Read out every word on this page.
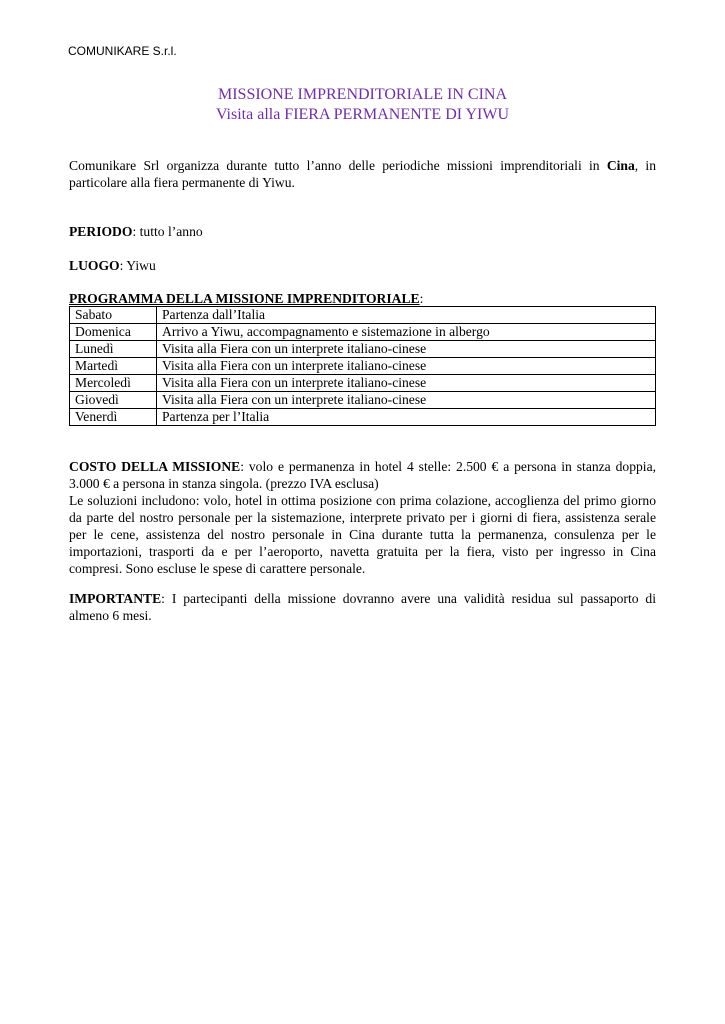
COMUNIKARE S.r.l.
MISSIONE IMPRENDITORIALE IN CINA
Visita alla FIERA PERMANENTE DI YIWU

Comunikare Srl organizza durante tutto l’anno delle periodiche missioni imprenditoriali in Cina, in particolare alla fiera permanente di Yiwu.

PERIODO: tutto l’anno

LUOGO: Yiwu

PROGRAMMA DELLA MISSIONE IMPRENDITORIALE:

Sabato	Partenza dall’Italia
Domenica	Arrivo a Yiwu, accompagnamento e sistemazione in albergo
Lunedì	Visita alla Fiera con un interprete italiano-cinese
Martedì	Visita alla Fiera con un interprete italiano-cinese
Mercoledì	Visita alla Fiera con un interprete italiano-cinese
Giovedì	Visita alla Fiera con un interprete italiano-cinese
Venerdì	Partenza per l’Italia

COSTO DELLA MISSIONE: volo e permanenza in hotel 4 stelle: 2.500 € a persona in stanza doppia, 3.000 € a persona in stanza singola. (prezzo IVA esclusa)

Le soluzioni includono: volo, hotel in ottima posizione con prima colazione, accoglienza del primo giorno da parte del nostro personale per la sistemazione, interprete privato per i giorni di fiera, assistenza serale per le cene, assistenza del nostro personale in Cina durante tutta la permanenza, consulenza per le importazioni, trasporti da e per l’aeroporto, navetta gratuita per la fiera, visto per ingresso in Cina compresi. Sono escluse le spese di carattere personale.

IMPORTANTE: I partecipanti della missione dovranno avere una validità residua sul passaporto di almeno 6 mesi.
